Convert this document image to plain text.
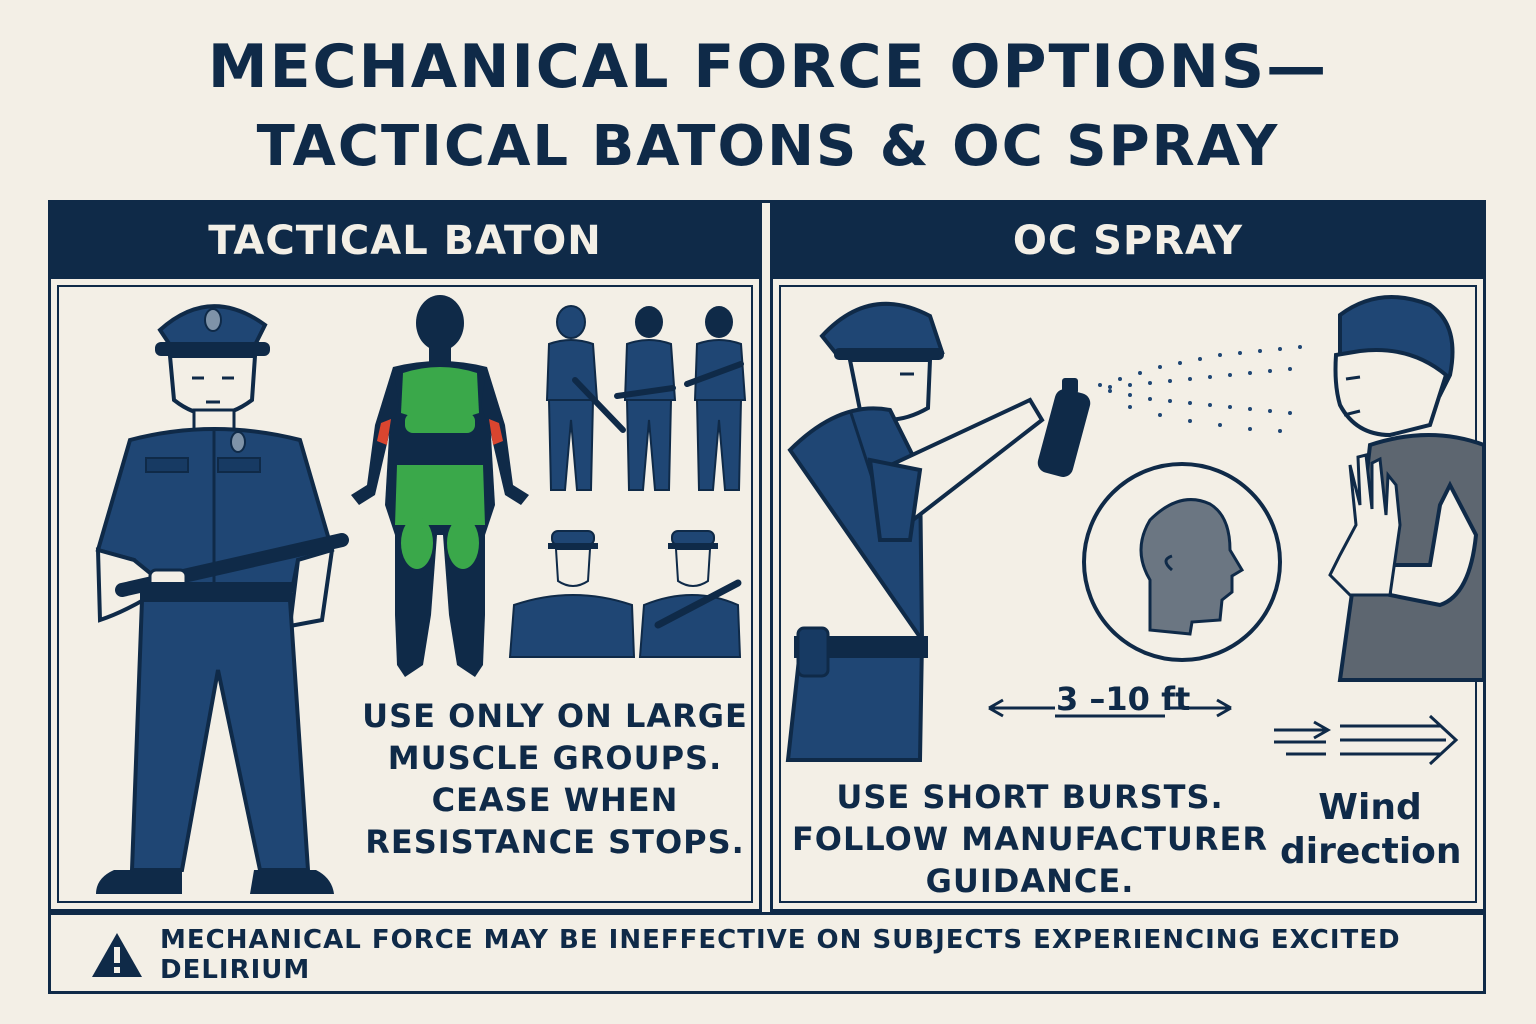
MECHANICAL FORCE OPTIONS—
TACTICAL BATONS & OC SPRAY
TACTICAL BATON
USE ONLY ON LARGE
MUSCLE GROUPS.
CEASE WHEN
RESISTANCE STOPS.
OC SPRAY
3 –10 ft
USE SHORT BURSTS.
FOLLOW MANUFACTURER
GUIDANCE.
Wind
direction
MECHANICAL FORCE MAY BE INEFFECTIVE ON SUBJECTS EXPERIENCING EXCITED DELIRIUM
